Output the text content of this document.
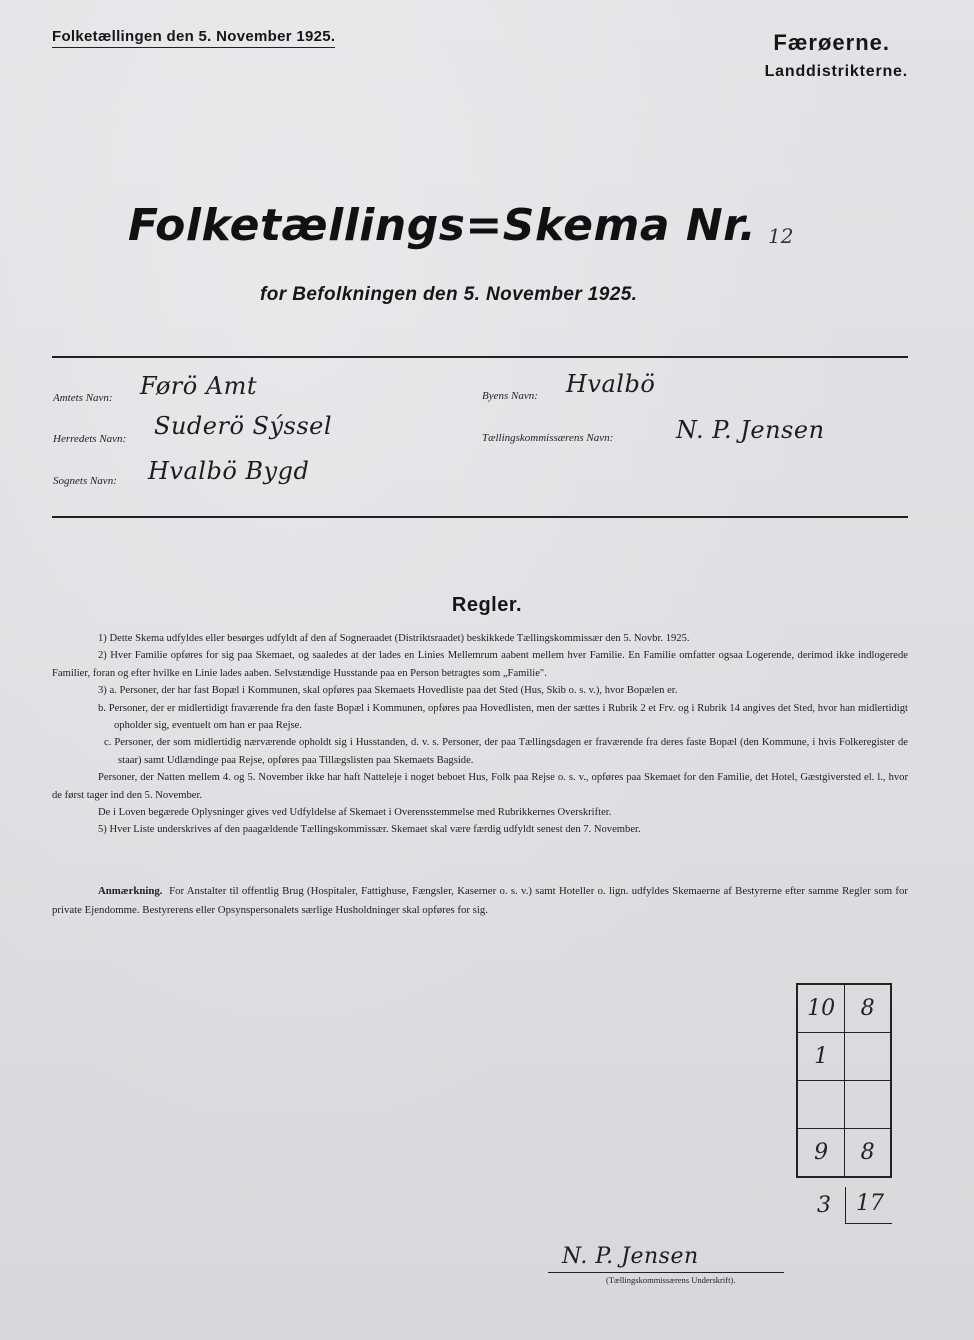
Folketællingen den 5. November 1925.	Færøerne.
Landdistrikterne.
Folketællings=Skema Nr. 12
for Befolkningen den 5. November 1925.
Amtets Navn: Førö Amt
Herredets Navn: Suderö Sýssel
Sognets Navn: Hvalbö Bygd
Byens Navn: Hvalbö
Tællingskommissærens Navn:	N. P. Jensen
Regler.

1) Dette Skema udfyldes eller besørges udfyldt af den af Sogneraadet (Distriktsraadet) beskikkede Tællingskommissær den 5. Novbr. 1925.

2) Hver Familie opføres for sig paa Skemaet, og saaledes at der lades en Linies Mellemrum aabent mellem hver Familie. En Familie omfatter ogsaa Logerende, derimod ikke indlogerede Familier, foran og efter hvilke en Linie lades aaben. Selvstændige Husstande paa en Person betragtes som „Familie".

3) a. Personer, der har fast Bopæl i Kommunen, skal opføres paa Skemaets Hovedliste paa det Sted (Hus, Skib o. s. v.), hvor Bopælen er.

b. Personer, der er midlertidigt fraværende fra den faste Bopæl i Kommunen, opføres paa Hovedlisten, men der sættes i Rubrik 2 et Frv. og i Rubrik 14 angives det Sted, hvor han midlertidigt opholder sig, eventuelt om han er paa Rejse.

c. Personer, der som midlertidig nærværende opholdt sig i Husstanden, d. v. s. Personer, der paa Tællingsdagen er fraværende fra deres faste Bopæl (den Kommune, i hvis Folkeregister de staar) samt Udlændinge paa Rejse, opføres paa Tillægslisten paa Skemaets Bagside.

Personer, der Natten mellem 4. og 5. November ikke har haft Natteleje i noget beboet Hus, Folk paa Rejse o. s. v., opføres paa Skemaet for den Familie, det Hotel, Gæstgiversted el. l., hvor de først tager ind den 5. November.

De i Loven begærede Oplysninger gives ved Udfyldelse af Skemaet i Overensstemmelse med Rubrikkernes Overskrifter.

5) Hver Liste underskrives af den paagældende Tællingskommissær. Skemaet skal være færdig udfyldt senest den 7. November.

Anmærkning. For Anstalter til offentlig Brug (Hospitaler, Fattighuse, Fængsler, Kaserner o. s. v.) samt Hoteller o. lign. udfyldes Skemaerne af Bestyrerne efter samme Regler som for private Ejendomme. Bestyrerens eller Opsynspersonalets særlige Husholdninger skal opføres for sig.

10	8
1	

9	8
3 17
N. P. Jensen
(Tællingskommissærens Underskrift).
